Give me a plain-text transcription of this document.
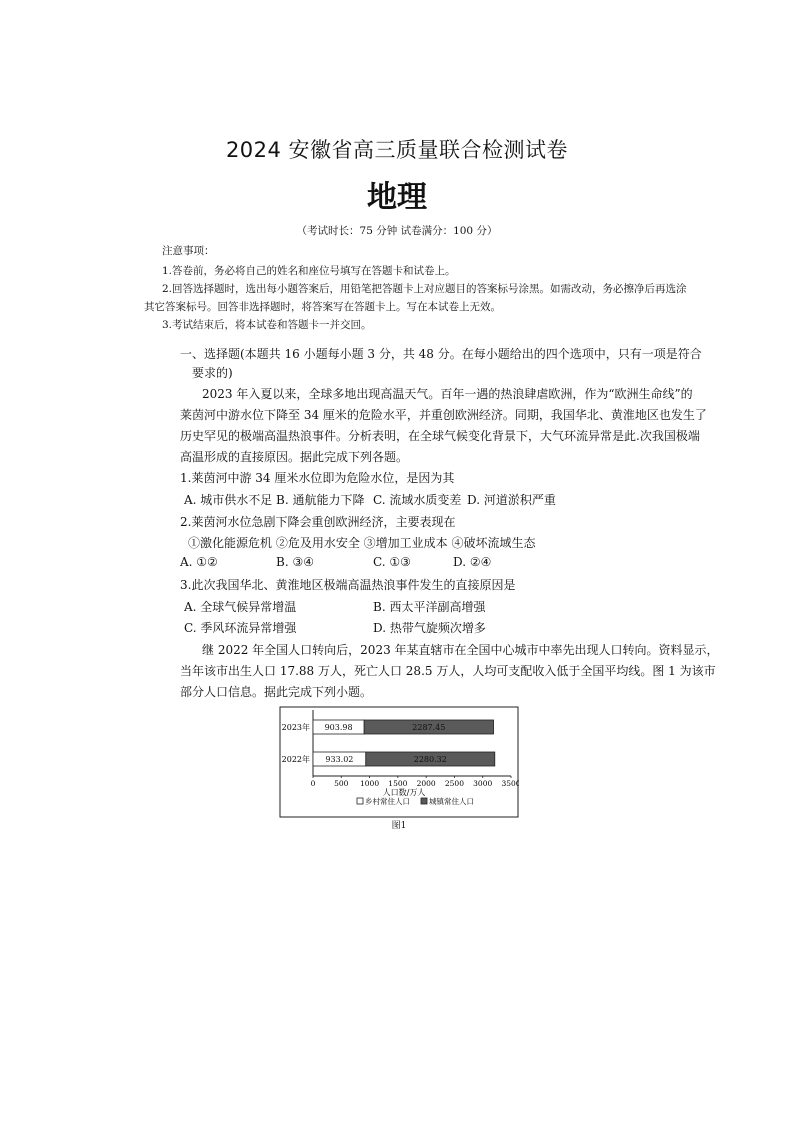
2024 安徽省高三质量联合检测试卷
地理
（考试时长：75 分钟 试卷满分：100 分）
注意事项：
1.答卷前，务必将自己的姓名和座位号填写在答题卡和试卷上。
2.回答选择题时，选出每小题答案后，用铅笔把答题卡上对应题目的答案标号涂黑。如需改动，务必擦净后再选涂
其它答案标号。回答非选择题时，将答案写在答题卡上。写在本试卷上无效。
3.考试结束后，将本试卷和答题卡一并交回。
一、选择题(本题共 16 小题每小题 3 分，共 48 分。在每小题给出的四个选项中，只有一项是符合
要求的)
2023 年入夏以来，全球多地出现高温天气。百年一遇的热浪肆虐欧洲，作为“欧洲生命线”的
莱茵河中游水位下降至 34 厘米的危险水平，并重创欧洲经济。同期，我国华北、黄淮地区也发生了
历史罕见的极端高温热浪事件。分析表明，在全球气候变化背景下，大气环流异常是此.次我国极端
高温形成的直接原因。据此完成下列各题。
1.莱茵河中游 34 厘米水位即为危险水位，是因为其
A. 城市供水不足 B. 通航能力下降 C. 流域水质变差 D. 河道淤积严重
2.莱茵河水位急剧下降会重创欧洲经济，主要表现在
①激化能源危机 ②危及用水安全 ③增加工业成本 ④破坏流域生态
A. ①②	B. ③④	C. ①③	D. ②④
3.此次我国华北、黄淮地区极端高温热浪事件发生的直接原因是
A. 全球气候异常增温	B. 西太平洋副高增强
C. 季风环流异常增强	D. 热带气旋频次增多
继 2022 年全国人口转向后，2023 年某直辖市在全国中心城市中率先出现人口转向。资料显示，
当年该市出生人口 17.88 万人，死亡人口 28.5 万人，人均可支配收入低于全国平均线。图 1 为该市
部分人口信息。据此完成下列小题。
2023年 903.98	2287.45
2022年 933.02	2280.32
0 500 1000 1500 2000 2500 3000 3500
人口数/万人
乡村常住人口	城镇常住人口
图1
